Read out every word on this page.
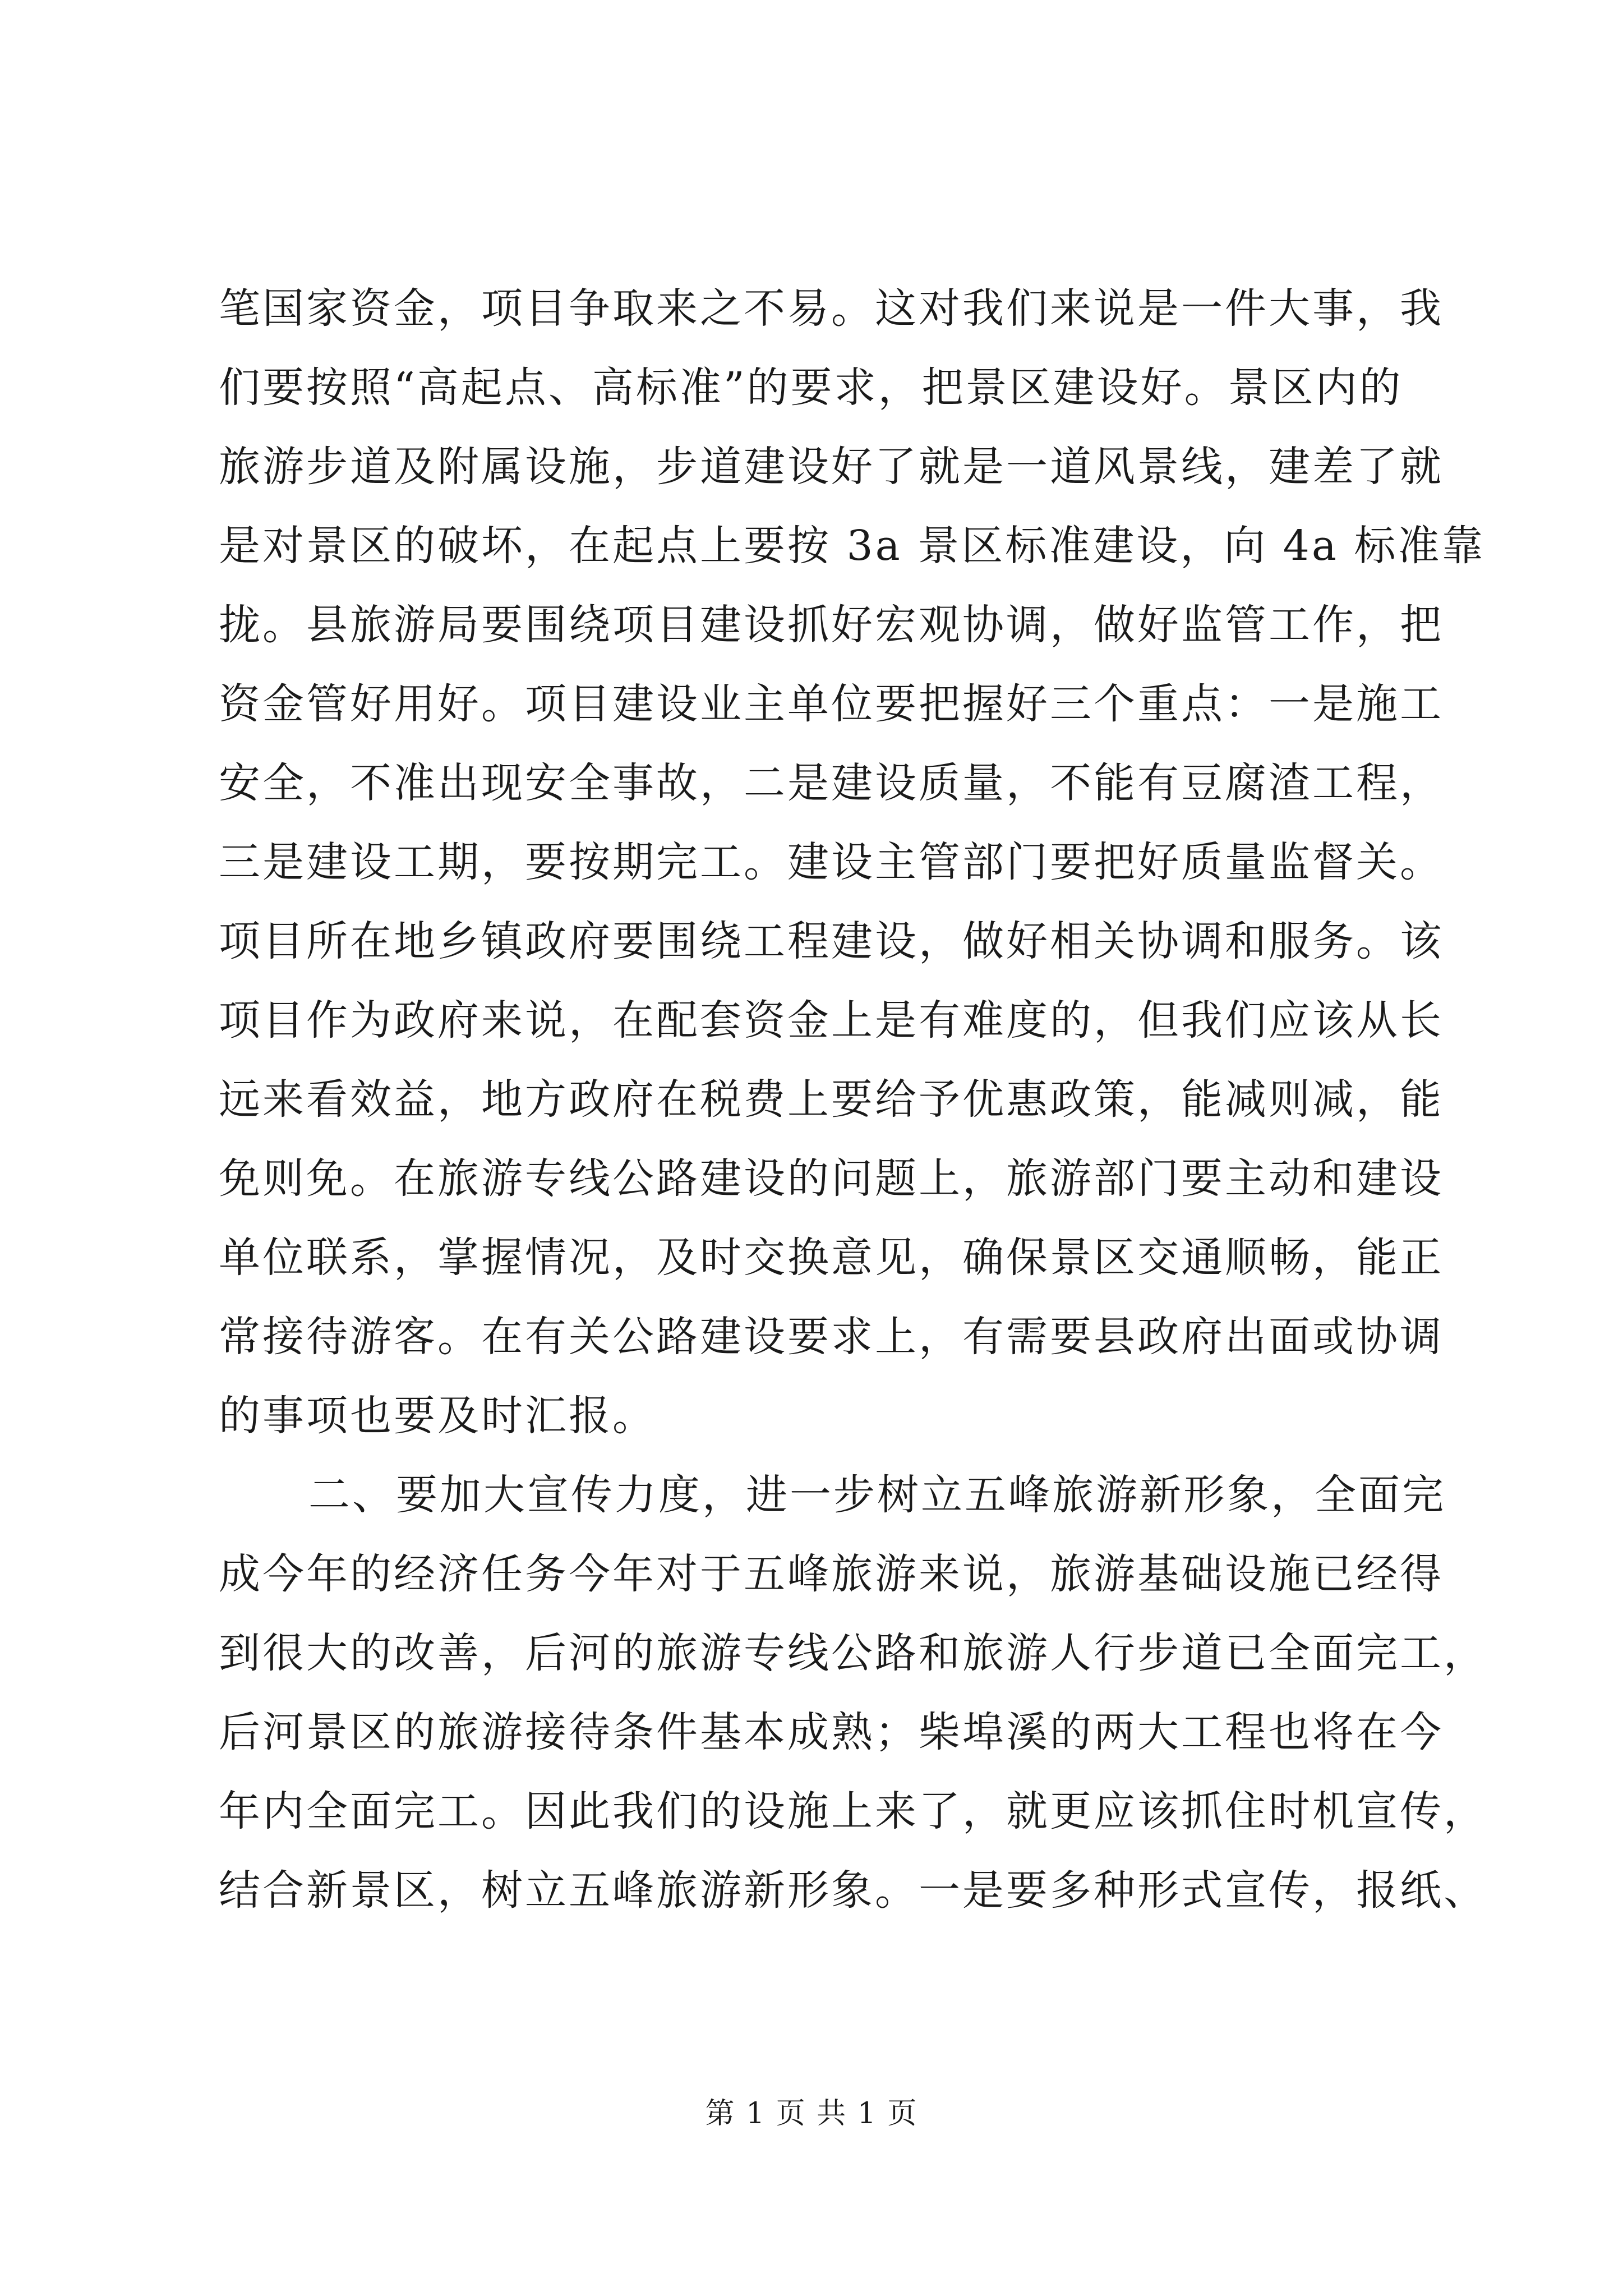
笔国家资金，项目争取来之不易。这对我们来说是一件大事，我
们要按照“高起点、高标准”的要求，把景区建设好。景区内的
旅游步道及附属设施，步道建设好了就是一道风景线，建差了就
是对景区的破坏，在起点上要按 3a 景区标准建设，向 4a 标准靠
拢。县旅游局要围绕项目建设抓好宏观协调，做好监管工作，把
资金管好用好。项目建设业主单位要把握好三个重点：一是施工
安全，不准出现安全事故，二是建设质量，不能有豆腐渣工程，
三是建设工期，要按期完工。建设主管部门要把好质量监督关。
项目所在地乡镇政府要围绕工程建设，做好相关协调和服务。该
项目作为政府来说，在配套资金上是有难度的，但我们应该从长
远来看效益，地方政府在税费上要给予优惠政策，能减则减，能
免则免。在旅游专线公路建设的问题上，旅游部门要主动和建设
单位联系，掌握情况，及时交换意见，确保景区交通顺畅，能正
常接待游客。在有关公路建设要求上，有需要县政府出面或协调
的事项也要及时汇报。
二、要加大宣传力度，进一步树立五峰旅游新形象，全面完
成今年的经济任务今年对于五峰旅游来说，旅游基础设施已经得
到很大的改善，后河的旅游专线公路和旅游人行步道已全面完工，
后河景区的旅游接待条件基本成熟；柴埠溪的两大工程也将在今
年内全面完工。因此我们的设施上来了，就更应该抓住时机宣传，
结合新景区，树立五峰旅游新形象。一是要多种形式宣传，报纸、
第 1 页 共 1 页
